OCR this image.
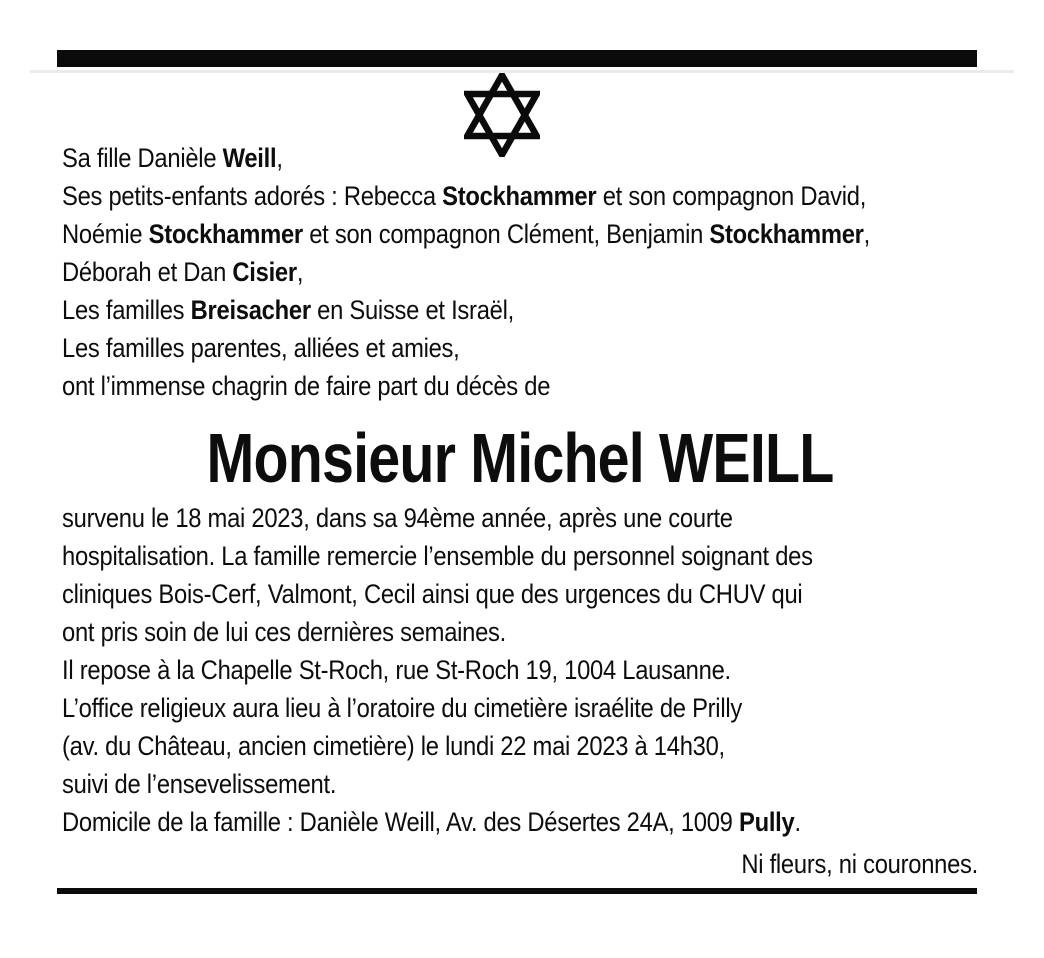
Sa fille Danièle Weill,
Ses petits-enfants adorés : Rebecca Stockhammer et son compagnon David,
Noémie Stockhammer et son compagnon Clément, Benjamin Stockhammer,
Déborah et Dan Cisier,
Les familles Breisacher en Suisse et Israël,
Les familles parentes, alliées et amies,
ont l’immense chagrin de faire part du décès de
Monsieur Michel WEILL
survenu le 18 mai 2023, dans sa 94ème année, après une courte
hospitalisation. La famille remercie l’ensemble du personnel soignant des
cliniques Bois-Cerf, Valmont, Cecil ainsi que des urgences du CHUV qui
ont pris soin de lui ces dernières semaines.
Il repose à la Chapelle St-Roch, rue St-Roch 19, 1004 Lausanne.
L’office religieux aura lieu à l’oratoire du cimetière israélite de Prilly
(av. du Château, ancien cimetière) le lundi 22 mai 2023 à 14h30,
suivi de l’ensevelissement.
Domicile de la famille : Danièle Weill, Av. des Désertes 24A, 1009 Pully.
Ni fleurs, ni couronnes.
